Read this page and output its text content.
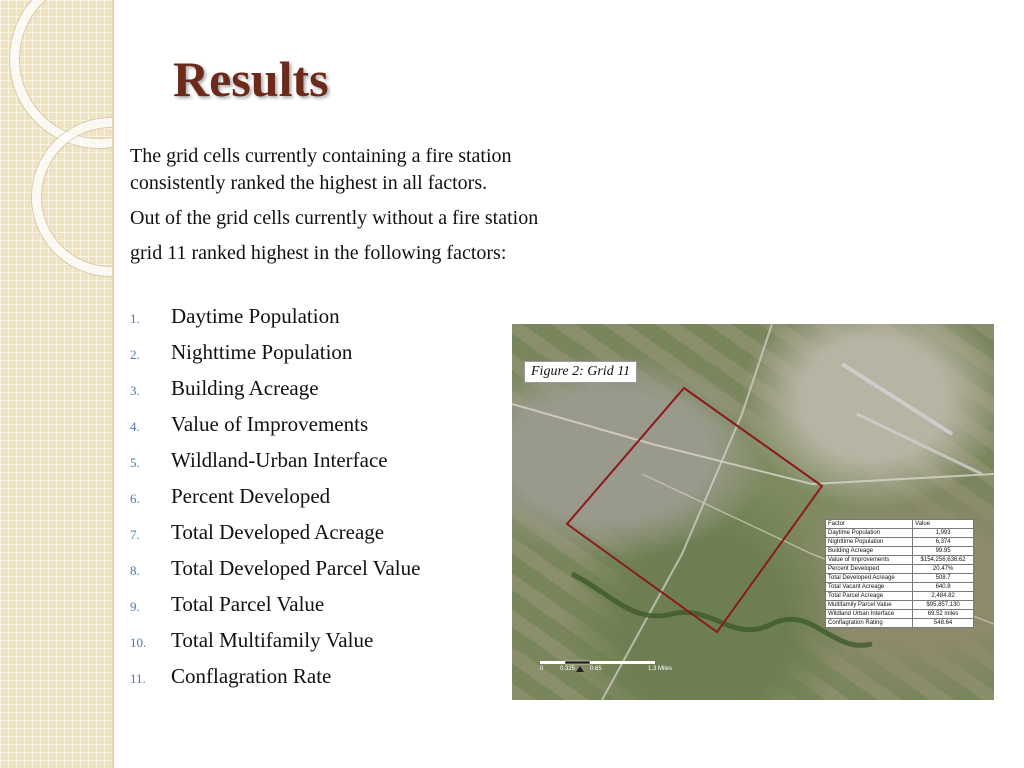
Results

The grid cells currently containing a fire station consistently ranked the highest in all factors.

Out of the grid cells currently without a fire station

grid 11 ranked highest in the following factors:

1.	Daytime Population
2.	Nighttime Population
3.	Building Acreage
4.	Value of Improvements
5.	Wildland-Urban Interface
6.	Percent Developed
7.	Total Developed Acreage
8.	Total Developed Parcel Value
9.	Total Parcel Value
10.	Total Multifamily Value
11.	Conflagration Rate
Figure 2: Grid 11
Factor	Value
Daytime Population	1,993
Nighttime Population	6,374
Building Acreage	99.95
Value of Improvements	$154,256,636.62
Percent Developed	20.47%
Total Developed Acreage	508.7
Total Vacant Acreage	640.8
Total Parcel Acreage	2,484.82
Multifamily Parcel Value	$95,857,130
Wildland Urban Interface	69.52 miles
Conflagration Rating	548.64
0	0.325 0.65	1.3 Miles
